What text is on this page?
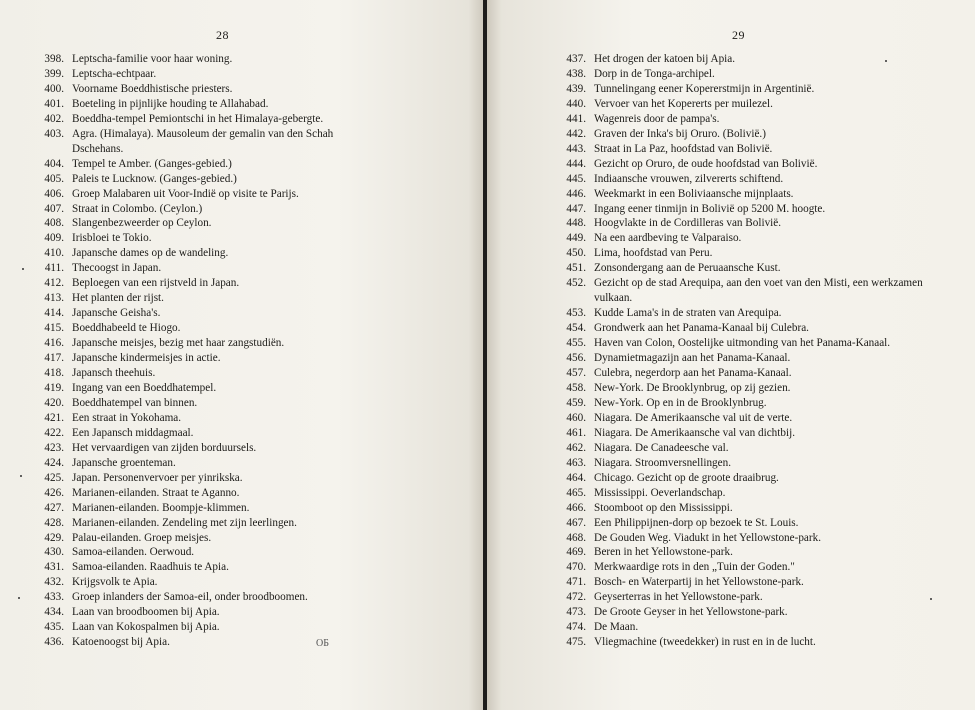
28
398. Leptscha-familie voor haar woning.
399. Leptscha-echtpaar.
400. Voorname Boeddhistische priesters.
401. Boeteling in pijnlijke houding te Allahabad.
402. Boeddha-tempel Pemiontschi in het Himalaya-gebergte.
403. Agra. (Himalaya). Mausoleum der gemalin van den Schah Dschehans.
404. Tempel te Amber. (Ganges-gebied.)
405. Paleis te Lucknow. (Ganges-gebied.)
406. Groep Malabaren uit Voor-Indië op visite te Parijs.
407. Straat in Colombo. (Ceylon.)
408. Slangenbezweerder op Ceylon.
409. Irisbloei te Tokio.
410. Japansche dames op de wandeling.
411. Thecoogst in Japan.
412. Beploegen van een rijstveld in Japan.
413. Het planten der rijst.
414. Japansche Geisha's.
415. Boeddhabeeld te Hiogo.
416. Japansche meisjes, bezig met haar zangstudiën.
417. Japansche kindermeisjes in actie.
418. Japansch theehuis.
419. Ingang van een Boeddhatempel.
420. Boeddhatempel van binnen.
421. Een straat in Yokohama.
422. Een Japansch middagmaal.
423. Het vervaardigen van zijden borduursels.
424. Japansche groenteman.
425. Japan. Personenvervoer per yinrikska.
426. Marianen-eilanden. Straat te Aganno.
427. Marianen-eilanden. Boompje-klimmen.
428. Marianen-eilanden. Zendeling met zijn leerlingen.
429. Palau-eilanden. Groep meisjes.
430. Samoa-eilanden. Oerwoud.
431. Samoa-eilanden. Raadhuis te Apia.
432. Krijgsvolk te Apia.
433. Groep inlanders der Samoa-eil, onder broodboomen.
434. Laan van broodboomen bij Apia.
435. Laan van Kokospalmen bij Apia.
436. Katoenoogst bij Apia.	ОБ
29
437. Het drogen der katoen bij Apia.
438. Dorp in de Tonga-archipel.
439. Tunnelingang eener Kopererstmijn in Argentinië.
440. Vervoer van het Kopererts per muilezel.
441. Wagenreis door de pampa's.
442. Graven der Inka's bij Oruro. (Bolivië.)
443. Straat in La Paz, hoofdstad van Bolivië.
444. Gezicht op Oruro, de oude hoofdstad van Bolivië.
445. Indiaansche vrouwen, zilvererts schiftend.
446. Weekmarkt in een Boliviaansche mijnplaats.
447. Ingang eener tinmijn in Bolivië op 5200 M. hoogte.
448. Hoogvlakte in de Cordilleras van Bolivië.
449. Na een aardbeving te Valparaiso.
450. Lima, hoofdstad van Peru.
451. Zonsondergang aan de Peruaansche Kust.
452. Gezicht op de stad Arequipa, aan den voet van den Misti, een werkzamen vulkaan.
453. Kudde Lama's in de straten van Arequipa.
454. Grondwerk aan het Panama-Kanaal bij Culebra.
455. Haven van Colon, Oostelijke uitmonding van het Panama-Kanaal.
456. Dynamietmagazijn aan het Panama-Kanaal.
457. Culebra, negerdorp aan het Panama-Kanaal.
458. New-York. De Brooklynbrug, op zij gezien.
459. New-York. Op en in de Brooklynbrug.
460. Niagara. De Amerikaansche val uit de verte.
461. Niagara. De Amerikaansche val van dichtbij.
462. Niagara. De Canadeesche val.
463. Niagara. Stroomversnellingen.
464. Chicago. Gezicht op de groote draaibrug.
465. Mississippi. Oeverlandschap.
466. Stoomboot op den Mississippi.
467. Een Philippijnen-dorp op bezoek te St. Louis.
468. De Gouden Weg. Viadukt in het Yellowstone-park.
469. Beren in het Yellowstone-park.
470. Merkwaardige rots in den „Tuin der Goden."
471. Bosch- en Waterpartij in het Yellowstone-park.
472. Geyserterras in het Yellowstone-park.
473. De Groote Geyser in het Yellowstone-park.
474. De Maan.
475. Vliegmachine (tweedekker) in rust en in de lucht.
